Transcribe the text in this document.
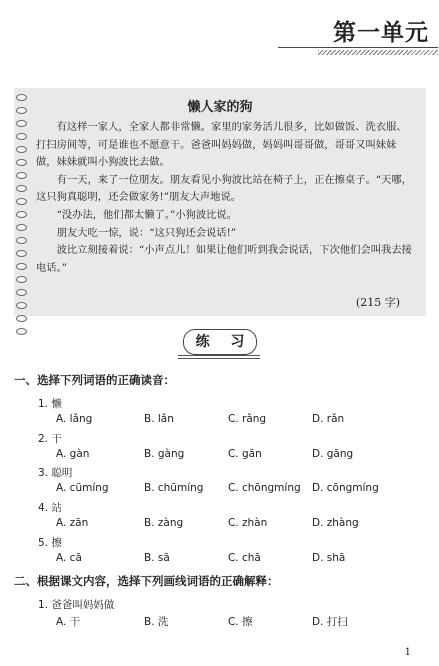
第一单元
懒人家的狗

有这样一家人，全家人都非常懒。家里的家务活儿很多，比如做饭、洗衣服、打扫房间等，可是谁也不愿意干。爸爸叫妈妈做，妈妈叫哥哥做，哥哥又叫妹妹做，妹妹就叫小狗波比去做。

有一天，来了一位朋友。朋友看见小狗波比站在椅子上，正在擦桌子。“天哪，这只狗真聪明，还会做家务!”朋友大声地说。

“没办法，他们都太懒了。”小狗波比说。

朋友大吃一惊，说：“这只狗还会说话!”

波比立刻接着说：“小声点儿！如果让他们听到我会说话，下次他们会叫我去接电话。”

(215 字)
练 习
一、选择下列词语的正确读音：
1. 懒
A. lǎng	B. lǎn	C. rǎng	D. rǎn
2. 干
A. gàn	B. gàng	C. gān	D. gāng
3. 聪明
A. cūmíng	B. chūmíng C. chōngmíng D. cōngmíng
4. 站
A. zān	B. zàng	C. zhàn	D. zhàng
5. 擦
A. cā	B. sā	C. chā	D. shā
二、根据课文内容，选择下列画线词语的正确解释：
1. 爸爸叫妈妈做
A. 干	B. 洗	C. 擦	D. 打扫
1
